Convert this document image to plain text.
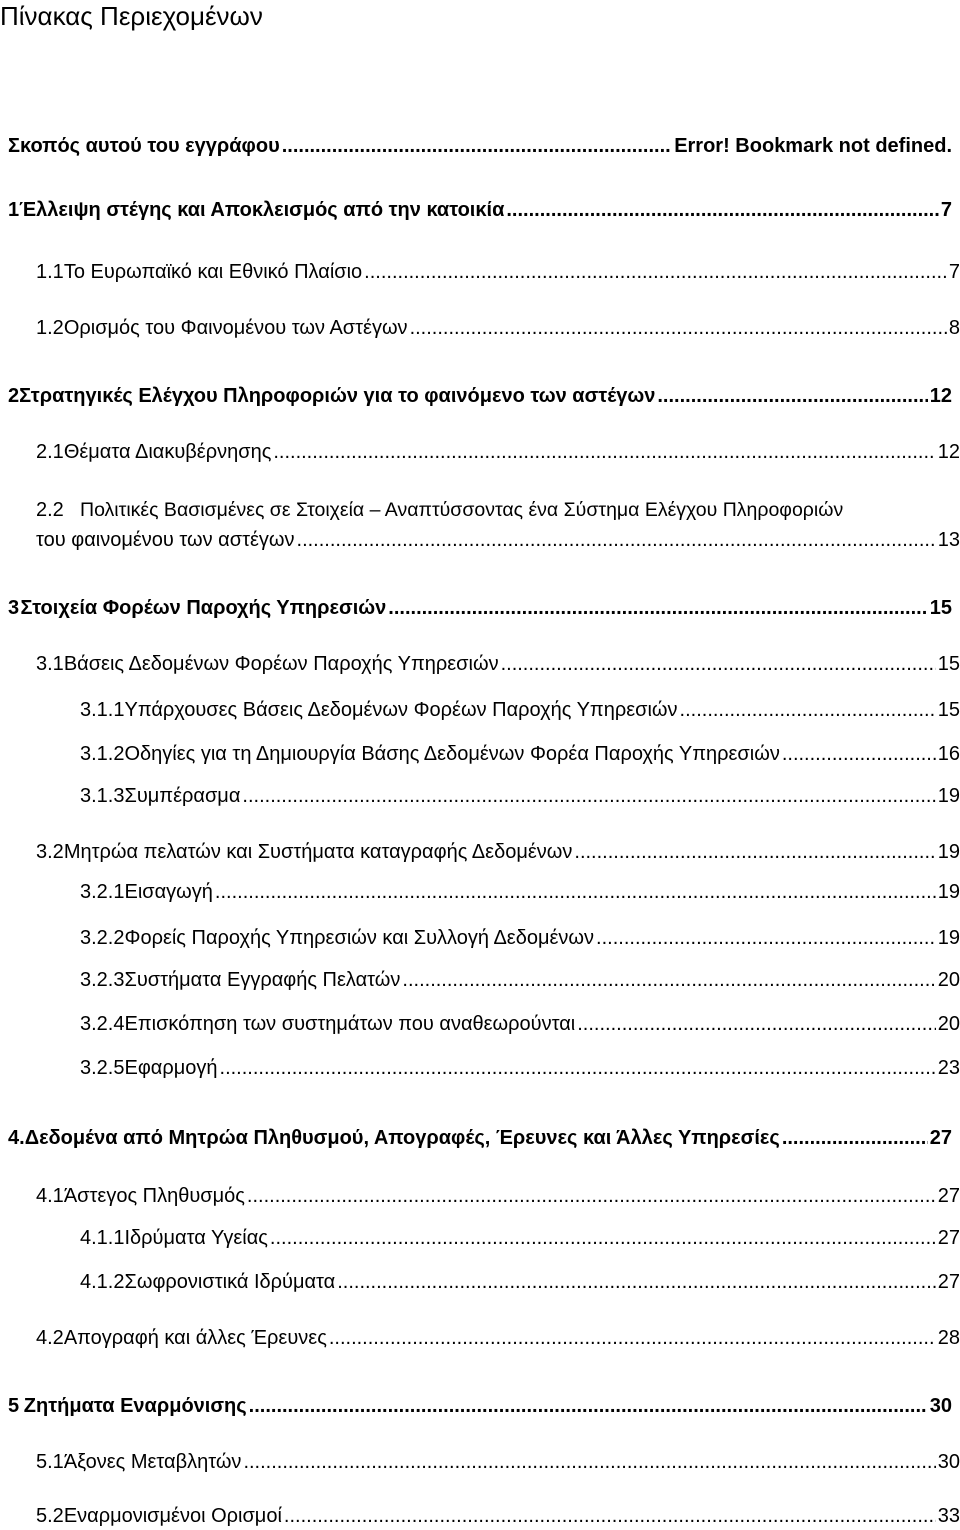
Πίνακας Περιεχομένων
Σκοπός αυτού του εγγράφου .....	Error! Bookmark not defined.
1 Έλλειψη στέγης και Αποκλεισμός από την κατοικία .....	7
1.1 Το Ευρωπαϊκό και Εθνικό Πλαίσιο .....	7
1.2 Ορισμός του Φαινομένου των Αστέγων .....	8
2 Στρατηγικές Ελέγχου Πληροφοριών για το φαινόμενο των αστέγων .....	12
2.1 Θέματα Διακυβέρνησης .....	12
2.2 Πολιτικές Βασισμένες σε Στοιχεία – Αναπτύσσοντας ένα Σύστημα Ελέγχου Πληροφοριών
του φαινομένου των αστέγων .....	13
3 Στοιχεία Φορέων Παροχής Υπηρεσιών .....	15
3.1 Βάσεις Δεδομένων Φορέων Παροχής Υπηρεσιών .....	15
3.1.1 Υπάρχουσες Βάσεις Δεδομένων Φορέων Παροχής Υπηρεσιών .....	15
3.1.2 Οδηγίες για τη Δημιουργία Βάσης Δεδομένων Φορέα Παροχής Υπηρεσιών .....	16
3.1.3 Συμπέρασμα .....	19
3.2 Μητρώα πελατών και Συστήματα καταγραφής Δεδομένων .....	19
3.2.1 Εισαγωγή .....	19
3.2.2 Φορείς Παροχής Υπηρεσιών και Συλλογή Δεδομένων .....	19
3.2.3 Συστήματα Εγγραφής Πελατών .....	20
3.2.4 Επισκόπηση των συστημάτων που αναθεωρούνται .....	20
3.2.5 Εφαρμογή .....	23
4. Δεδομένα από Μητρώα Πληθυσμού, Απογραφές, Έρευνες και Άλλες Υπηρεσίες .....	27
4.1 Άστεγος Πληθυσμός .....	27
4.1.1 Ιδρύματα Υγείας .....	27
4.1.2 Σωφρονιστικά Ιδρύματα .....	27
4.2 Απογραφή και άλλες Έρευνες .....	28
5 Ζητήματα Εναρμόνισης .....	30
5.1 Άξονες Μεταβλητών .....	30
5.2 Εναρμονισμένοι Ορισμοί .....	33
